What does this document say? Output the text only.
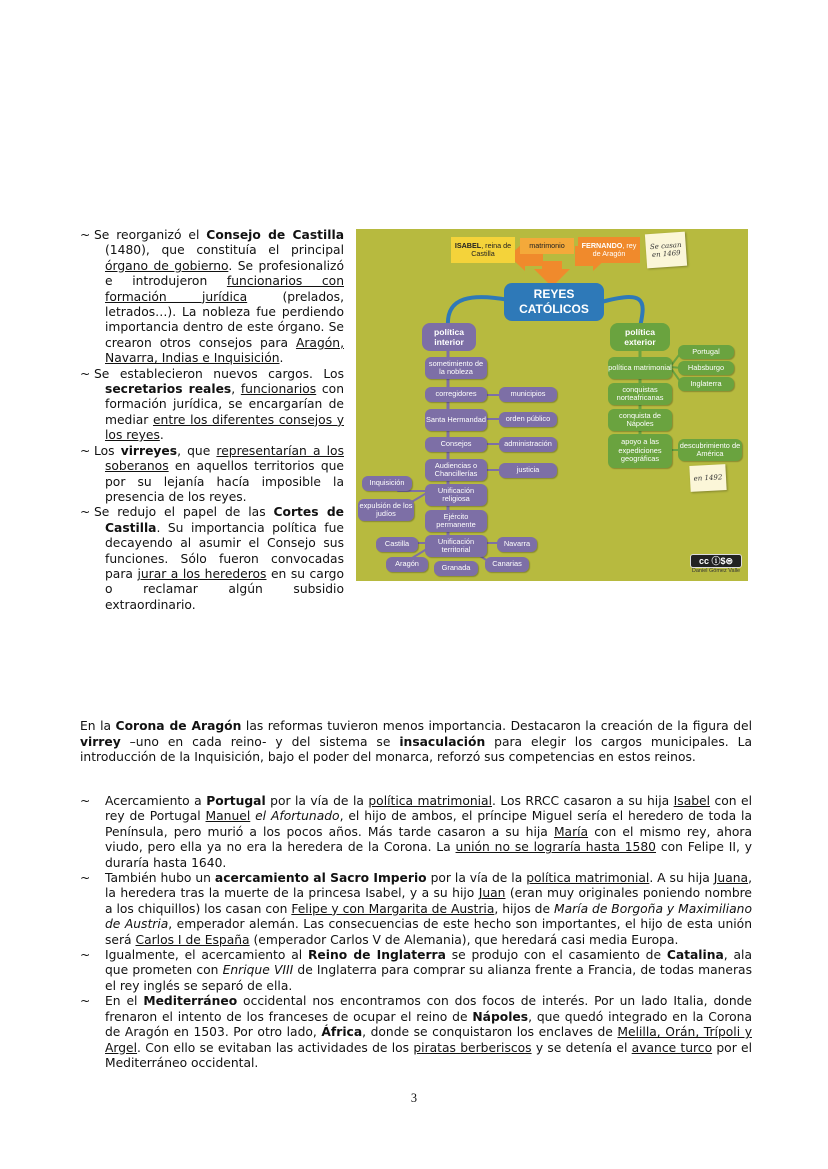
~ Se reorganizó el Consejo de Castilla (1480), que constituía el principal órgano de gobierno. Se profesionalizó e introdujeron funcionarios con formación jurídica (prelados, letrados…). La nobleza fue perdiendo importancia dentro de este órgano. Se crearon otros consejos para Aragón, Navarra, Indias e Inquisición.

~ Se establecieron nuevos cargos. Los secretarios reales, funcionarios con formación jurídica, se encargarían de mediar entre los diferentes consejos y los reyes.

~ Los virreyes, que representarían a los soberanos en aquellos territorios que por su lejanía hacía imposible la presencia de los reyes.

~ Se redujo el papel de las Cortes de Castilla. Su importancia política fue decayendo al asumir el Consejo sus funciones. Sólo fueron convocadas para jurar a los herederos en su cargo o reclamar algún subsidio extraordinario.

ISABEL, reina de Castilla
matrimonio	FERNANDO, rey de Aragón
Se casan en 1469
REYES CATÓLICOS
política interior
política exterior
sometimiento de la nobleza
corregidores	municipios
Santa Hermandad	orden público
Consejos	administración
Audiencias o Chancillerías	justicia
Inquisición
Unificación religiosa
expulsión de los judíos	Ejército permanente
Unificación territorial
Castilla	Navarra
Aragón	Granada	Canarias
política matrimonial
Portugal
Habsburgo
Inglaterra
conquistas norteafricanas
conquista de Nápoles
apoyo a las expediciones geográficas
descubrimiento de América
en 1492
cc ⓘ$⊜
Daniel Gómez Valle

En la Corona de Aragón las reformas tuvieron menos importancia. Destacaron la creación de la figura del virrey –uno en cada reino- y del sistema se insaculación para elegir los cargos municipales. La introducción de la Inquisición, bajo el poder del monarca, reforzó sus competencias en estos reinos.

~ Acercamiento a Portugal por la vía de la política matrimonial. Los RRCC casaron a su hija Isabel con el rey de Portugal Manuel el Afortunado, el hijo de ambos, el príncipe Miguel sería el heredero de toda la Península, pero murió a los pocos años. Más tarde casaron a su hija María con el mismo rey, ahora viudo, pero ella ya no era la heredera de la Corona. La unión no se lograría hasta 1580 con Felipe II, y duraría hasta 1640.

~ También hubo un acercamiento al Sacro Imperio por la vía de la política matrimonial. A su hija Juana, la heredera tras la muerte de la princesa Isabel, y a su hijo Juan (eran muy originales poniendo nombre a los chiquillos) los casan con Felipe y con Margarita de Austria, hijos de María de Borgoña y Maximiliano de Austria, emperador alemán. Las consecuencias de este hecho son importantes, el hijo de esta unión será Carlos I de España (emperador Carlos V de Alemania), que heredará casi media Europa.

~ Igualmente, el acercamiento al Reino de Inglaterra se produjo con el casamiento de Catalina, ala que prometen con Enrique VIII de Inglaterra para comprar su alianza frente a Francia, de todas maneras el rey inglés se separó de ella.

~ En el Mediterráneo occidental nos encontramos con dos focos de interés. Por un lado Italia, donde frenaron el intento de los franceses de ocupar el reino de Nápoles, que quedó integrado en la Corona de Aragón en 1503. Por otro lado, África, donde se conquistaron los enclaves de Melilla, Orán, Trípoli y Argel. Con ello se evitaban las actividades de los piratas berberiscos y se detenía el avance turco por el Mediterráneo occidental.

3
